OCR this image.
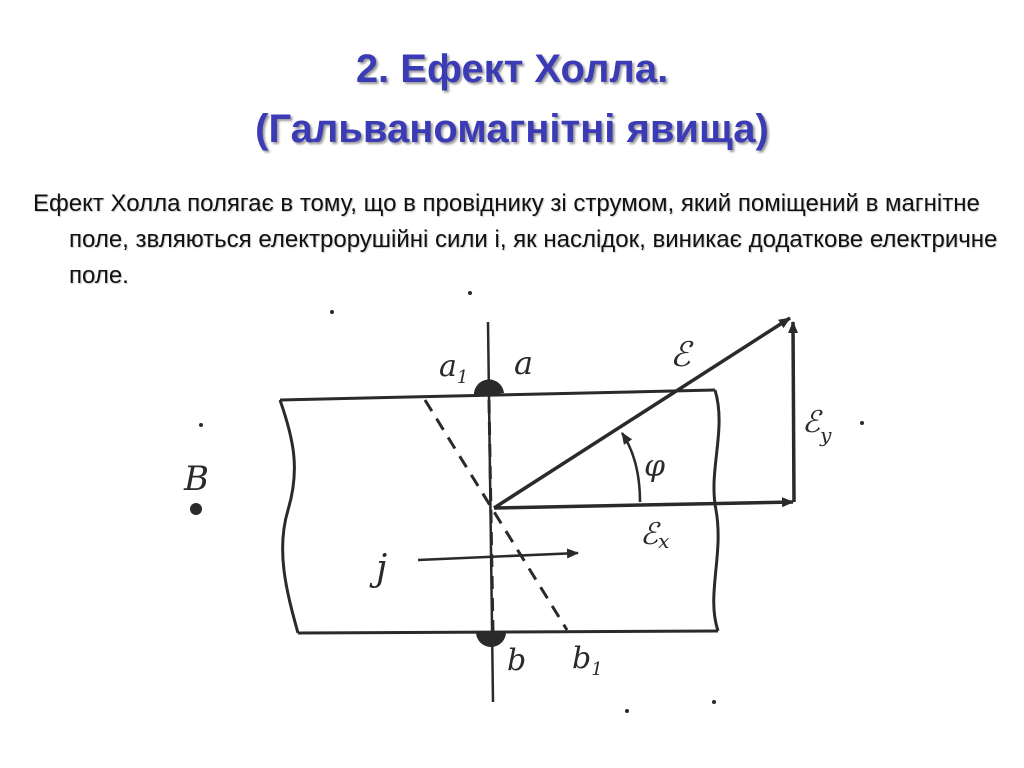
2. Ефект Холла.
(Гальваномагнітні явища)

Ефект Холла полягає в тому, що в провіднику зі струмом, який поміщений в магнітне поле, звляються електрорушійні сили і, як наслідок, виникає додаткове електричне поле.

$a_1$ a
b $b_1$
B
j
ℰ
ℰ$_y$
ℰx
φ
